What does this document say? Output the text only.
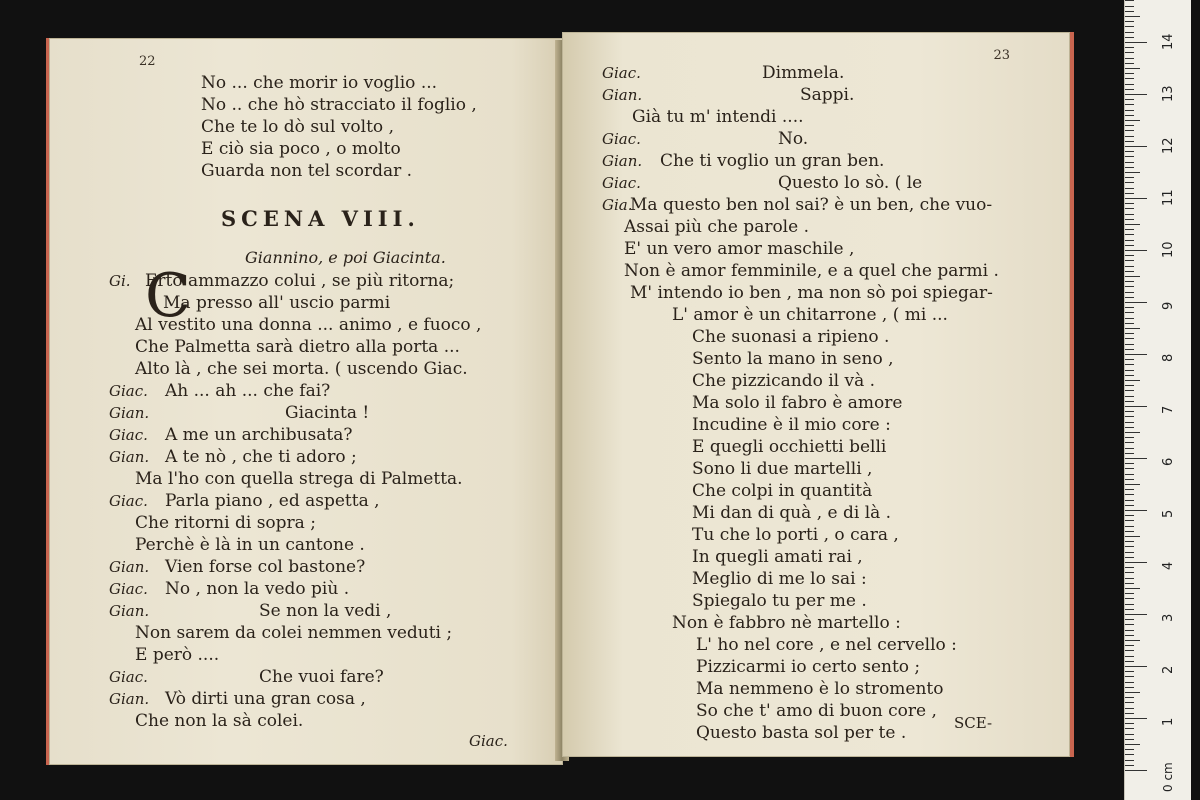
22
SCENA VIII.
Giannino, e poi Giacinta.
C
No ... che morir io voglio ...
No .. che hò stracciato il foglio ,
Che te lo dò sul volto ,
E ciò sia poco , o molto
Guarda non tel scordar .
Gi. Erto ammazzo colui , se più ritorna;
Ma presso all' uscio parmi
Al vestito una donna ... animo , e fuoco ,
Che Palmetta sarà dietro alla porta ...
Alto là , che sei morta. ( uscendo Giac.
Giac. Ah ... ah ... che fai?
Gian.	Giacinta !
Giac. A me un archibusata?
Gian. A te nò , che ti adoro ;
Ma l'ho con quella strega di Palmetta.
Giac. Parla piano , ed aspetta ,
Che ritorni di sopra ;
Perchè è là in un cantone .
Gian. Vien forse col bastone?
Giac. No , non la vedo più .
Gian.	Se non la vedi ,
Non sarem da colei nemmen veduti ;
E però ....
Giac.	Che vuoi fare?
Gian. Vò dirti una gran cosa ,
Che non la sà colei.
Giac.
23
Giac.	Dimmela.
Gian.	Sappi.
Già tu m' intendi ....
Giac.	No.
Gian. Che ti voglio un gran ben.
Giac.	Questo lo sò. ( le
Gia.
Ma questo ben nol sai? è un ben, che vuo-
Assai più che parole .
E' un vero amor maschile ,
Non è amor femminile, e a quel che parmi .
M' intendo io ben , ma non sò poi spiegar-
L' amor è un chitarrone , ( mi ...
Che suonasi a ripieno .
Sento la mano in seno ,
Che pizzicando il và .
Ma solo il fabro è amore
Incudine è il mio core :
E quegli occhietti belli
Sono li due martelli ,
Che colpi in quantità
Mi dan di quà , e di là .
Tu che lo porti , o cara ,
In quegli amati rai ,
Meglio di me lo sai :
Spiegalo tu per me .
Non è fabbro nè martello :
L' ho nel core , e nel cervello :
Pizzicarmi io certo sento ;
Ma nemmeno è lo stromento
So che t' amo di buon core ,
Questo basta sol per te .	SCE-
0 cm
1
2
3
4
5
6
7
8
9
10
11
12
13
14
